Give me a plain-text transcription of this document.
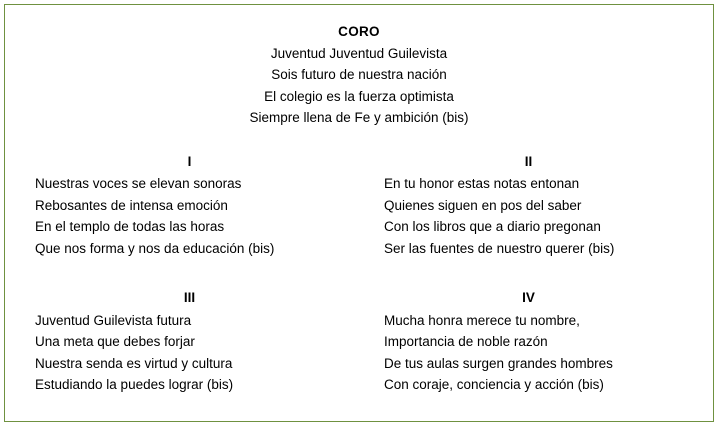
CORO
Juventud Juventud Guilevista
Sois futuro de nuestra nación
El colegio es la fuerza optimista
Siempre llena de Fe y ambición (bis)
I
Nuestras voces se elevan sonoras
Rebosantes de intensa emoción
En el templo de todas las horas
Que nos forma y nos da educación (bis)
II
En tu honor estas notas entonan
Quienes siguen en pos del saber
Con los libros que a diario pregonan
Ser las fuentes de nuestro querer (bis)
III
Juventud Guilevista futura
Una meta que debes forjar
Nuestra senda es virtud y cultura
Estudiando la puedes lograr (bis)
IV
Mucha honra merece tu nombre,
Importancia de noble razón
De tus aulas surgen grandes hombres
Con coraje, conciencia y acción (bis)
